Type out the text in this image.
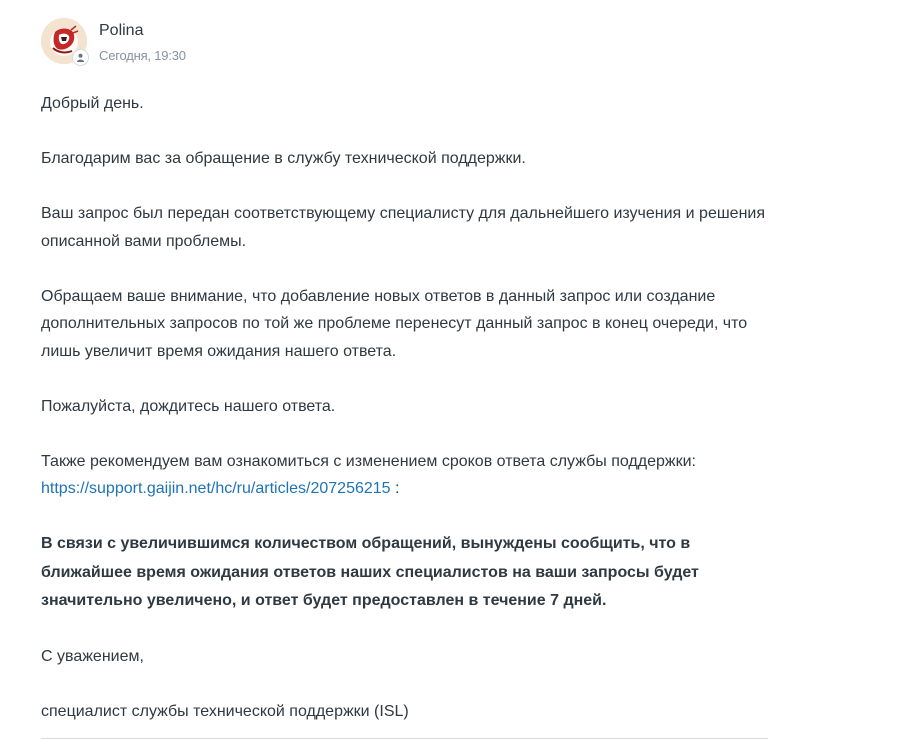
Polina
Сегодня, 19:30

Добрый день.

Благодарим вас за обращение в службу технической поддержки.

Ваш запрос был передан соответствующему специалисту для дальнейшего изучения и решения описанной вами проблемы.

Обращаем ваше внимание, что добавление новых ответов в данный запрос или создание дополнительных запросов по той же проблеме перенесут данный запрос в конец очереди, что лишь увеличит время ожидания нашего ответа.

Пожалуйста, дождитесь нашего ответа.

Также рекомендуем вам ознакомиться с изменением сроков ответа службы поддержки:
https://support.gaijin.net/hc/ru/articles/207256215 :

В связи с увеличившимся количеством обращений, вынуждены сообщить, что в ближайшее время ожидания ответов наших специалистов на ваши запросы будет значительно увеличено, и ответ будет предоставлен в течение 7 дней.

С уважением,

специалист службы технической поддержки (ISL)
